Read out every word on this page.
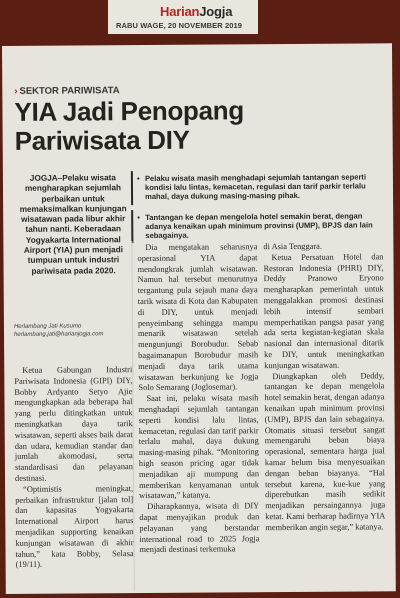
HarianJogja
RABU WAGE, 20 NOVEMBER 2019
› SEKTOR PARIWISATA
YIA Jadi Penopang Pariwisata DIY
JOGJA–Pelaku wisata mengharapkan sejumlah perbaikan untuk memaksimalkan kunjungan wisatawan pada libur akhir tahun nanti. Keberadaan Yogyakarta International Airport (YIA) pun menjadi tumpuan untuk industri pariwisata pada 2020.
• Pelaku wisata masih menghadapi sejumlah tantangan seperti kondisi lalu lintas, kemacetan, regulasi dan tarif parkir terlalu mahal, daya dukung masing-masing pihak.
• Tantangan ke depan mengelola hotel semakin berat, dengan adanya kenaikan upah minimum provinsi (UMP), BPJS dan lain sebagainya.
Herlambang Jati Kusumo
herlambang.jati@harianjogja.com

Ketua Gabungan Industri Pariwisata Indonesia (GIPI) DIY, Bobby Ardyanto Setyo Ajie mengungkapkan ada beberapa hal yang perlu ditingkatkan untuk meningkatkan daya tarik wisatawan, seperti akses baik darat dan udara, kemudian standar dan jumlah akomodasi, serta standardisasi dan pelayanan destinasi.

“Optimistis meningkat, perbaikan infrastruktur [jalan tol] dan kapasitas Yogyakarta International Airport harus menjadikan supporting kenaikan kunjungan wisatawan di akhir tahun,” kata Bobby, Selasa (19/11).

Dia mengatakan seharusnya operasional YIA dapat mendongkrak jumlah wisatawan. Namun hal tersebut menurutnya tergantung pula sejauh mana daya tarik wisata di Kota dan Kabupaten di DIY, untuk menjadi penyeimbang sehingga mampu menarik wisatawan setelah mengunjungi Borobudur. Sebab bagaimanapun Borobudur masih menjadi daya tarik utama wisatawan berkunjung ke Jogja Solo Semarang (Joglosemar).

Saat ini, pelaku wisata masih menghadapi sejumlah tantangan seperti kondisi lalu lintas, kemacetan, regulasi dan tarif parkir terlalu mahal, daya dukung masing-masing pihak. “Monitoring high season pricing agar tidak menjadikan aji mumpung dan memberikan kenyamanan untuk wisatawan,” katanya.

Diharapkannya, wisata di DIY dapat menyajikan produk dan pelayanan yang berstandar international road to 2025 Jogja menjadi destinasi terkemuka

di Asia Tenggara.

Ketua Persatuan Hotel dan Restoran Indonesia (PHRI) DIY, Deddy Pranowo Eryono mengharapkan pemerintah untuk menggalakkan promosi destinasi lebih intensif sembari memperhatikan pangsa pasar yang ada serta kegiatan-kegiatan skala nasional dan internasional ditarik ke DIY, untuk meningkatkan kunjungan wisatawan.

Diungkapkan oleh Deddy, tantangan ke depan mengelola hotel semakin berat, dengan adanya kenaikan upah minimum provinsi (UMP), BPJS dan lain sebagainya. Otomatis situasi tersebut sangat memengaruhi beban biaya operasional, sementara harga jual kamar belum bisa menyesuaikan dengan beban biayanya. “Hal tersebut karena, kue-kue yang diperebutkan masih sedikit menjadikan persaingannya juga ketat. Kami berharap hadirnya YIA memberikan angin segar,” katanya.
